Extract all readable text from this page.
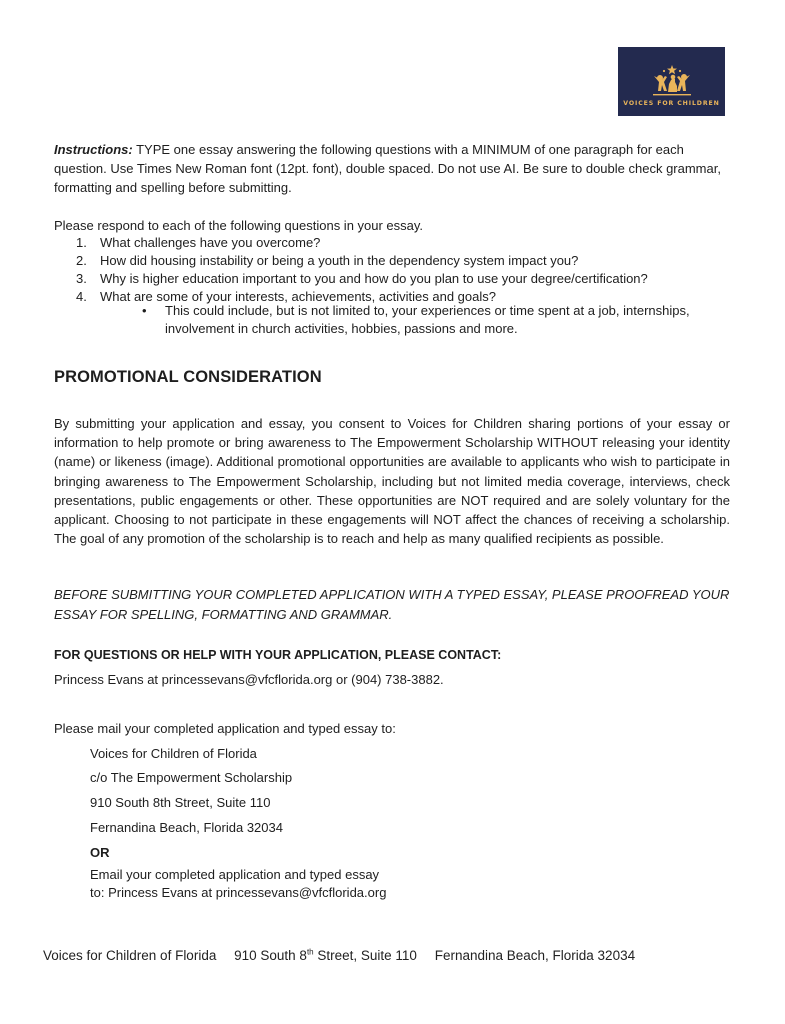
VOICES FOR CHILDREN
Instructions: TYPE one essay answering the following questions with a MINIMUM of one paragraph for each question. Use Times New Roman font (12pt. font), double spaced. Do not use AI. Be sure to double check grammar, formatting and spelling before submitting.
Please respond to each of the following questions in your essay.
1. What challenges have you overcome?
2. How did housing instability or being a youth in the dependency system impact you?
3. Why is higher education important to you and how do you plan to use your degree/certification?
4. What are some of your interests, achievements, activities and goals?
• This could include, but is not limited to, your experiences or time spent at a job, internships, involvement in church activities, hobbies, passions and more.
PROMOTIONAL CONSIDERATION
By submitting your application and essay, you consent to Voices for Children sharing portions of your essay or information to help promote or bring awareness to The Empowerment Scholarship WITHOUT releasing your identity (name) or likeness (image). Additional promotional opportunities are available to applicants who wish to participate in bringing awareness to The Empowerment Scholarship, including but not limited media coverage, interviews, check presentations, public engagements or other. These opportunities are NOT required and are solely voluntary for the applicant. Choosing to not participate in these engagements will NOT affect the chances of receiving a scholarship. The goal of any promotion of the scholarship is to reach and help as many qualified recipients as possible.
BEFORE SUBMITTING YOUR COMPLETED APPLICATION WITH A TYPED ESSAY, PLEASE PROOFREAD YOUR ESSAY FOR SPELLING, FORMATTING AND GRAMMAR.
FOR QUESTIONS OR HELP WITH YOUR APPLICATION, PLEASE CONTACT:
Princess Evans at princessevans@vfcflorida.org or (904) 738-3882.
Please mail your completed application and typed essay to:
Voices for Children of Florida
c/o The Empowerment Scholarship
910 South 8th Street, Suite 110
Fernandina Beach, Florida 32034
OR
Email your completed application and typed essay
to: Princess Evans at princessevans@vfcflorida.org
Voices for Children of Florida 910 South 8th Street, Suite 110 Fernandina Beach, Florida 32034
